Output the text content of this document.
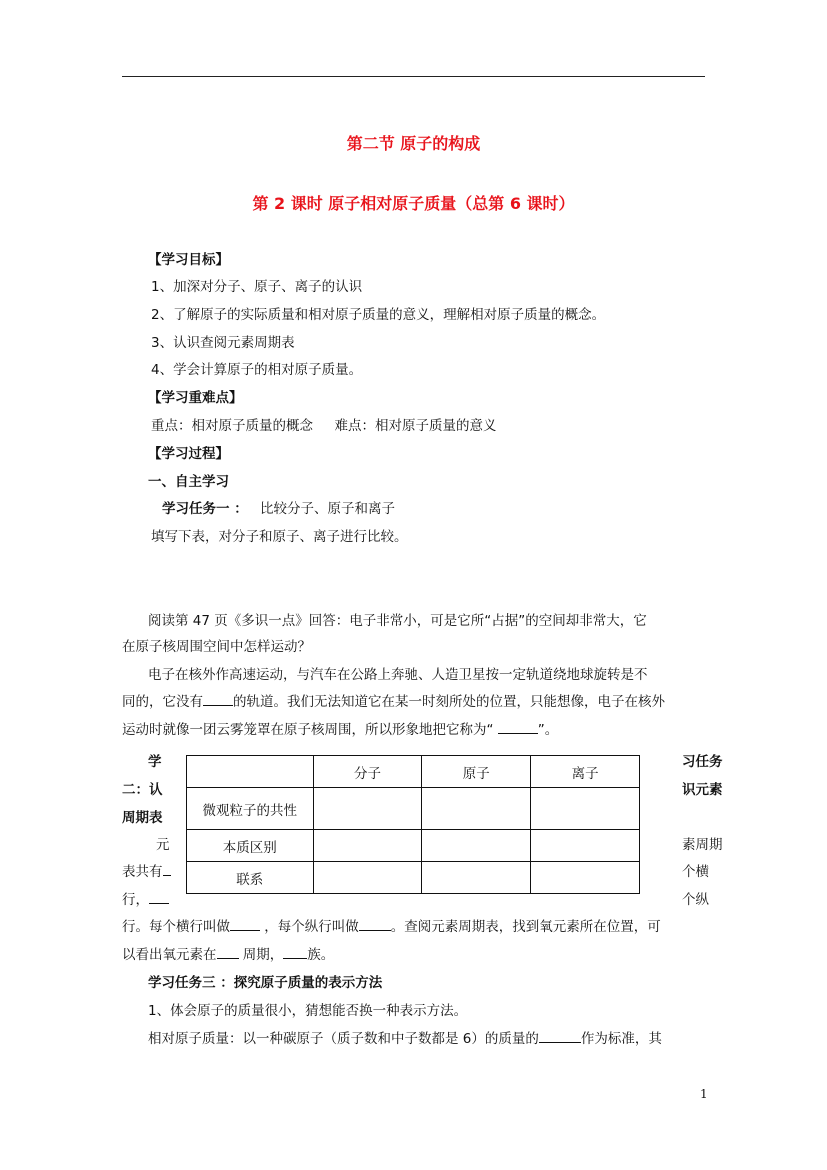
第二节 原子的构成
第 2 课时 原子相对原子质量（总第 6 课时）
【学习目标】
1、加深对分子、原子、离子的认识
2、了解原子的实际质量和相对原子质量的意义，理解相对原子质量的概念。
3、认识查阅元素周期表
4、学会计算原子的相对原子质量。
【学习重难点】
重点：相对原子质量的概念     难点：相对原子质量的意义
【学习过程】
一、自主学习
学习任务一 ： 比较分子、原子和离子
填写下表，对分子和原子、离子进行比较。
阅读第 47 页《多识一点》回答：电子非常小，可是它所“占据”的空间却非常大，它
在原子核周围空间中怎样运动？
电子在核外作高速运动，与汽车在公路上奔驰、人造卫星按一定轨道绕地球旋转是不
同的，它没有 的轨道。我们无法知道它在某一时刻所处的位置，只能想像，电子在核外
运动时就像一团云雾笼罩在原子核周围，所以形象地把它称为“	”。
	分子	原子	离子
微观粒子的共性			
本质区别			
联系			
学
二：认
周期表
元
表共有
行，
习任务
识元素
素周期
个横
个纵
行。每个横行叫做	，每个纵行叫做 。查阅元素周期表，找到氧元素所在位置，可
以看出氧元素在 周期， 族。
学习任务三 ：探究原子质量的表示方法
1、体会原子的质量很小，猜想能否换一种表示方法。
相对原子质量：以一种碳原子（质子数和中子数都是 6）的质量的	作为标准，其
1
